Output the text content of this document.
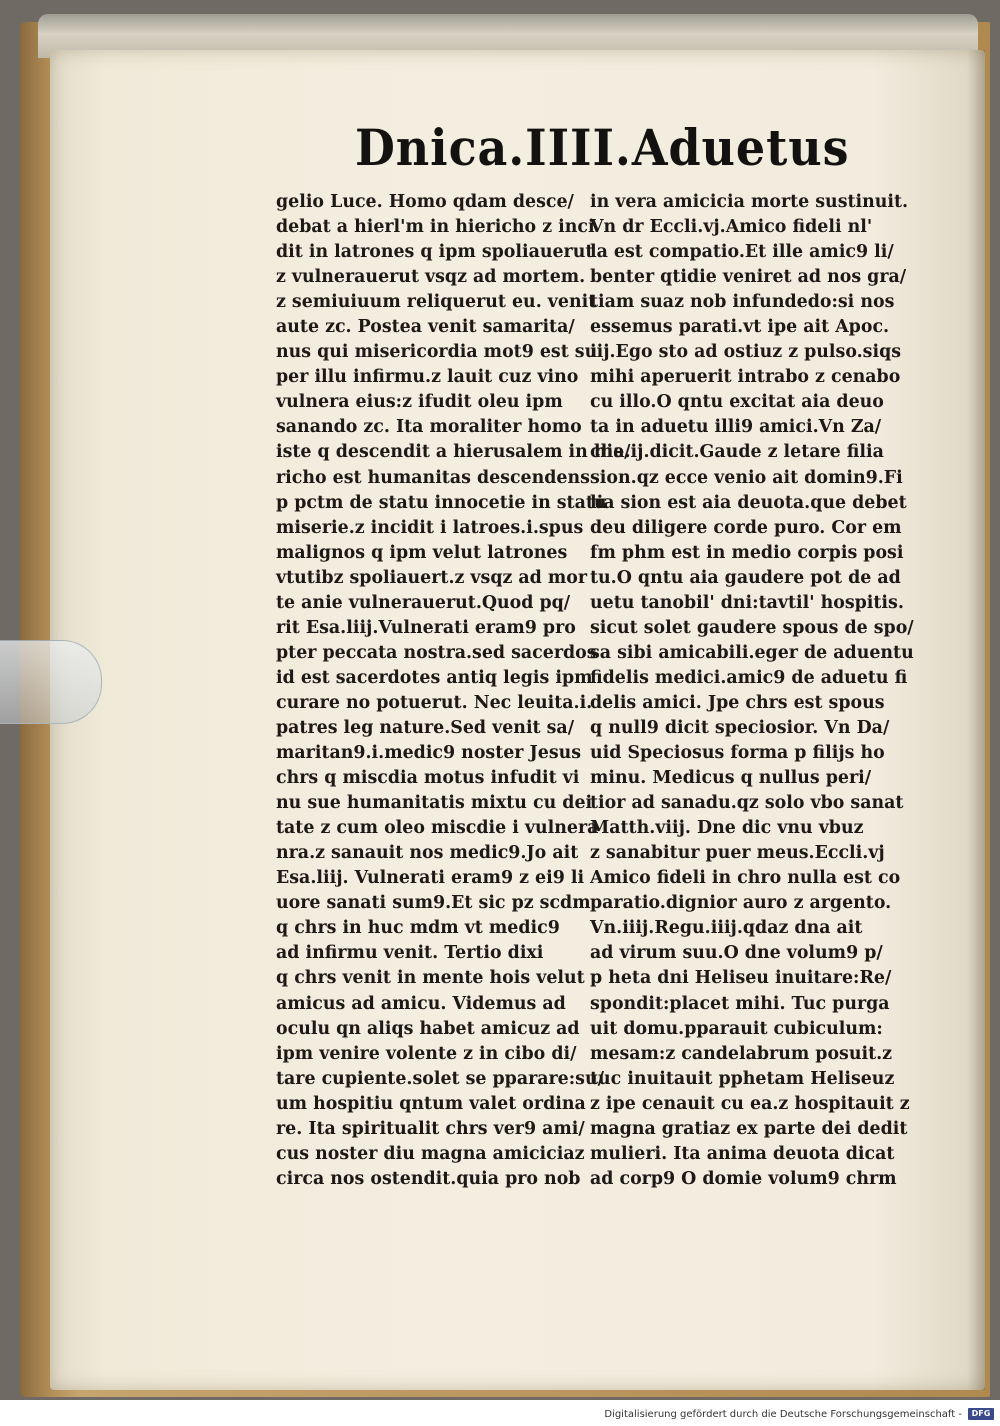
Dnica.IIII.Aduetus
gelio Luce. Homo qdam desce/
debat a hierl'm in hiericho z inci
dit in latrones q ipm spoliauerut
z vulnerauerut vsqz ad mortem.
z semiuiuum reliquerut eu. venit
aute zc. Postea venit samarita/
nus qui misericordia mot9 est su
per illu infirmu.z lauit cuz vino
vulnera eius:z ifudit oleu ipm
sanando zc. Ita moraliter homo
iste q descendit a hierusalem in hie/
richo est humanitas descendens
p pctm de statu innocetie in statu
miserie.z incidit i latroes.i.spus
malignos q ipm velut latrones
vtutibz spoliauert.z vsqz ad mor
te anie vulnerauerut.Quod pq/
rit Esa.liij.Vulnerati eram9 pro
pter peccata nostra.sed sacerdos
id est sacerdotes antiq legis ipm
curare no potuerut. Nec leuita.i.
patres leg nature.Sed venit sa/
maritan9.i.medic9 noster Jesus
chrs q miscdia motus infudit vi
nu sue humanitatis mixtu cu dei
tate z cum oleo miscdie i vulnera
nra.z sanauit nos medic9.Jo ait
Esa.liij. Vulnerati eram9 z ei9 li
uore sanati sum9.Et sic pz scdm
q chrs in huc mdm vt medic9
ad infirmu venit. Tertio dixi
q chrs venit in mente hois velut
amicus ad amicu. Videmus ad
oculu qn aliqs habet amicuz ad
ipm venire volente z in cibo di/
tare cupiente.solet se pparare:su/
um hospitiu qntum valet ordina
re. Ita spiritualit chrs ver9 ami/
cus noster diu magna amiciciaz
circa nos ostendit.quia pro nob
in vera amicicia morte sustinuit.
Vn dr Eccli.vj.Amico fideli nl'
la est compatio.Et ille amic9 li/
benter qtidie veniret ad nos gra/
tiam suaz nob infundedo:si nos
essemus parati.vt ipe ait Apoc.
iij.Ego sto ad ostiuz z pulso.siqs
mihi aperuerit intrabo z cenabo
cu illo.O qntu excitat aia deuo
ta in aduetu illi9 amici.Vn Za/
cha.ij.dicit.Gaude z letare filia
sion.qz ecce venio ait domin9.Fi
lia sion est aia deuota.que debet
deu diligere corde puro. Cor em
fm phm est in medio corpis posi
tu.O qntu aia gaudere pot de ad
uetu tanobil' dni:tavtil' hospitis.
sicut solet gaudere spous de spo/
sa sibi amicabili.eger de aduentu
fidelis medici.amic9 de aduetu fi
delis amici. Jpe chrs est spous
q null9 dicit speciosior. Vn Da/
uid Speciosus forma p filijs ho
minu. Medicus q nullus peri/
tior ad sanadu.qz solo vbo sanat
Matth.viij. Dne dic vnu vbuz
z sanabitur puer meus.Eccli.vj
Amico fideli in chro nulla est co
paratio.dignior auro z argento.
Vn.iiij.Regu.iiij.qdaz dna ait
ad virum suu.O dne volum9 p/
p heta dni Heliseu inuitare:Re/
spondit:placet mihi. Tuc purga
uit domu.pparauit cubiculum:
mesam:z candelabrum posuit.z
tuc inuitauit pphetam Heliseuz
z ipe cenauit cu ea.z hospitauit z
magna gratiaz ex parte dei dedit
mulieri. Ita anima deuota dicat
ad corp9 O domie volum9 chrm
Digitalisierung gefördert durch die Deutsche Forschungsgemeinschaft -	DFG
